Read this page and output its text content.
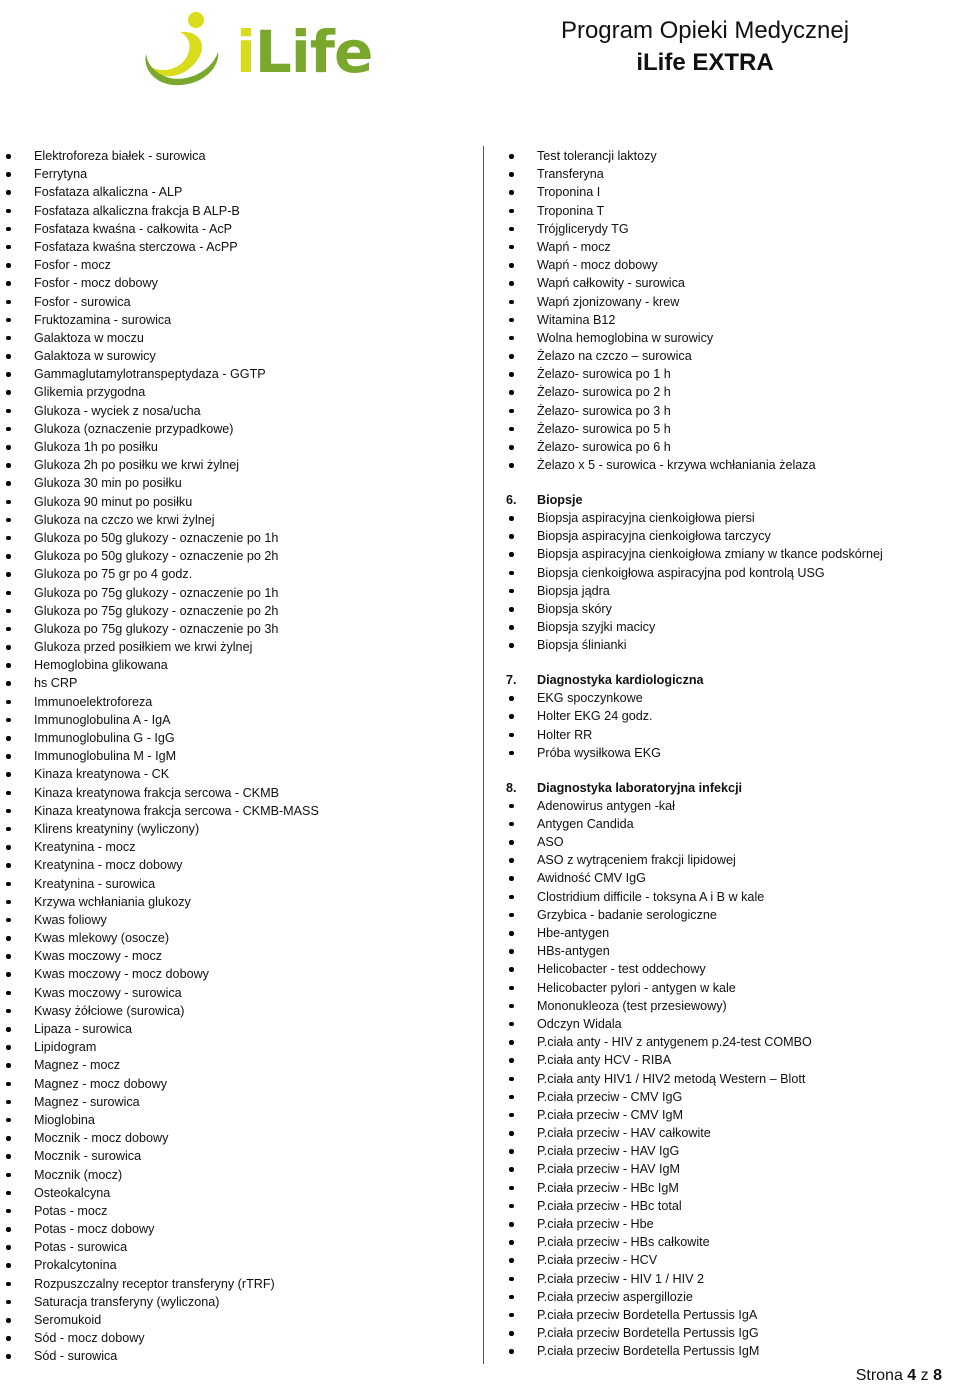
iLife	Program Opieki Medycznej
iLife EXTRA
Elektroforeza białek - surowica
Ferrytyna
Fosfataza alkaliczna - ALP
Fosfataza alkaliczna frakcja B ALP-B
Fosfataza kwaśna - całkowita - AcP
Fosfataza kwaśna sterczowa - AcPP
Fosfor - mocz
Fosfor - mocz dobowy
Fosfor - surowica
Fruktozamina - surowica
Galaktoza w moczu
Galaktoza w surowicy
Gammaglutamylotranspeptydaza - GGTP
Glikemia przygodna
Glukoza - wyciek z nosa/ucha
Glukoza (oznaczenie przypadkowe)
Glukoza 1h po posiłku
Glukoza 2h po posiłku we krwi żylnej
Glukoza 30 min po posiłku
Glukoza 90 minut po posiłku
Glukoza na czczo we krwi żylnej
Glukoza po 50g glukozy - oznaczenie po 1h
Glukoza po 50g glukozy - oznaczenie po 2h
Glukoza po 75 gr po 4 godz.
Glukoza po 75g glukozy - oznaczenie po 1h
Glukoza po 75g glukozy - oznaczenie po 2h
Glukoza po 75g glukozy - oznaczenie po 3h
Glukoza przed posiłkiem we krwi żylnej
Hemoglobina glikowana
hs CRP
Immunoelektroforeza
Immunoglobulina A - IgA
Immunoglobulina G - IgG
Immunoglobulina M - IgM
Kinaza kreatynowa - CK
Kinaza kreatynowa frakcja sercowa - CKMB
Kinaza kreatynowa frakcja sercowa - CKMB-MASS
Klirens kreatyniny (wyliczony)
Kreatynina - mocz
Kreatynina - mocz dobowy
Kreatynina - surowica
Krzywa wchłaniania glukozy
Kwas foliowy
Kwas mlekowy (osocze)
Kwas moczowy - mocz
Kwas moczowy - mocz dobowy
Kwas moczowy - surowica
Kwasy żółciowe (surowica)
Lipaza - surowica
Lipidogram
Magnez - mocz
Magnez - mocz dobowy
Magnez - surowica
Mioglobina
Mocznik - mocz dobowy
Mocznik - surowica
Mocznik (mocz)
Osteokalcyna
Potas - mocz
Potas - mocz dobowy
Potas - surowica
Prokalcytonina
Rozpuszczalny receptor transferyny (rTRF)
Saturacja transferyny (wyliczona)
Seromukoid
Sód - mocz dobowy
Sód - surowica
Test tolerancji laktozy
Transferyna
Troponina I
Troponina T
Trójglicerydy TG
Wapń - mocz
Wapń - mocz dobowy
Wapń całkowity - surowica
Wapń zjonizowany - krew
Witamina B12
Wolna hemoglobina w surowicy
Żelazo na czczo – surowica
Żelazo- surowica po 1 h
Żelazo- surowica po 2 h
Żelazo- surowica po 3 h
Żelazo- surowica po 5 h
Żelazo- surowica po 6 h
Żelazo x 5 - surowica - krzywa wchłaniania żelaza
6. Biopsje
Biopsja aspiracyjna cienkoigłowa piersi
Biopsja aspiracyjna cienkoigłowa tarczycy
Biopsja aspiracyjna cienkoigłowa zmiany w tkance podskórnej
Biopsja cienkoigłowa aspiracyjna pod kontrolą USG
Biopsja jądra
Biopsja skóry
Biopsja szyjki macicy
Biopsja ślinianki
7. Diagnostyka kardiologiczna
EKG spoczynkowe
Holter EKG 24 godz.
Holter RR
Próba wysiłkowa EKG
8. Diagnostyka laboratoryjna infekcji
Adenowirus antygen -kał
Antygen Candida
ASO
ASO z wytrąceniem frakcji lipidowej
Awidność CMV IgG
Clostridium difficile - toksyna A i B w kale
Grzybica - badanie serologiczne
Hbe-antygen
HBs-antygen
Helicobacter - test oddechowy
Helicobacter pylori - antygen w kale
Mononukleoza (test przesiewowy)
Odczyn Widala
P.ciała anty - HIV z antygenem p.24-test COMBO
P.ciała anty HCV - RIBA
P.ciała anty HIV1 / HIV2 metodą Western – Blott
P.ciała przeciw - CMV IgG
P.ciała przeciw - CMV IgM
P.ciała przeciw - HAV całkowite
P.ciała przeciw - HAV IgG
P.ciała przeciw - HAV IgM
P.ciała przeciw - HBc IgM
P.ciała przeciw - HBc total
P.ciała przeciw - Hbe
P.ciała przeciw - HBs całkowite
P.ciała przeciw - HCV
P.ciała przeciw - HIV 1 / HIV 2
P.ciała przeciw aspergillozie
P.ciała przeciw Bordetella Pertussis IgA
P.ciała przeciw Bordetella Pertussis IgG
P.ciała przeciw Bordetella Pertussis IgM
Strona 4 z 8
